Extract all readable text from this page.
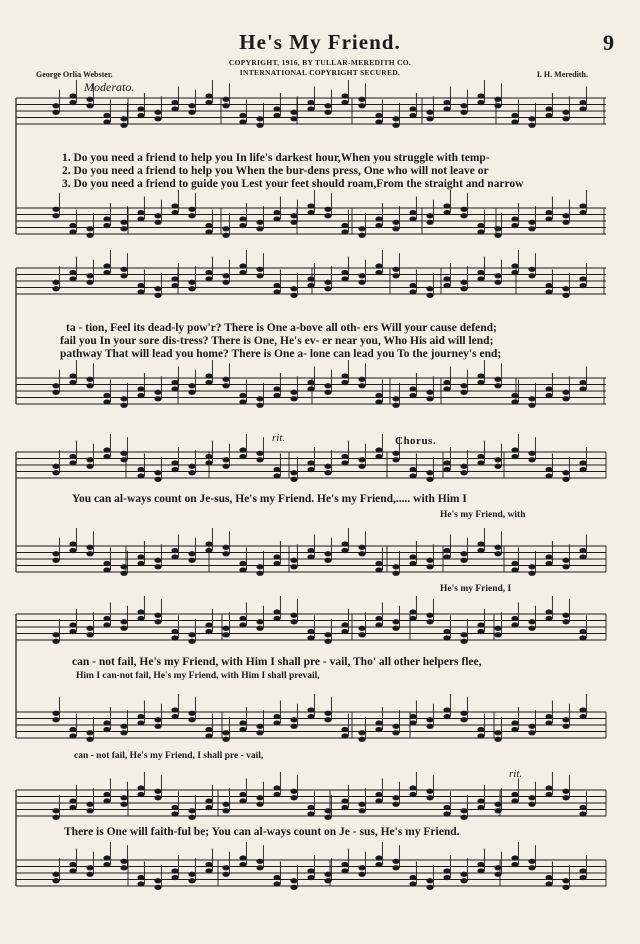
He's My Friend.	9
COPYRIGHT, 1916, BY TULLAR-MEREDITH CO.
INTERNATIONAL COPYRIGHT SECURED.
George Orlia Webster.	I. H. Meredith.
Moderato.
rit.
rit.
Chorus.
1. Do you need a friend to help you In life's darkest hour,When you struggle with temp-
2. Do you need a friend to help you When the bur-dens press, One who will not leave or
3. Do you need a friend to guide you Lest your feet should roam,From the straight and narrow
ta - tion, Feel its dead-ly pow'r? There is One a-bove all oth- ers Will your cause defend;
fail you In your sore dis-tress? There is One, He's ev- er near you, Who His aid will lend;
pathway That will lead you home? There is One a- lone can lead you To the journey's end;
You can al-ways count on Je-sus, He's my Friend. He's my Friend,..... with Him I
He's my Friend, with
He's my Friend, I
can - not fail, He's my Friend, with Him I shall pre - vail, Tho' all other helpers flee,
Him I can-not fail, He's my Friend, with Him I shall prevail,
can - not fail, He's my Friend, I shall pre - vail,
There is One will faith-ful be; You can al-ways count on Je - sus, He's my Friend.
